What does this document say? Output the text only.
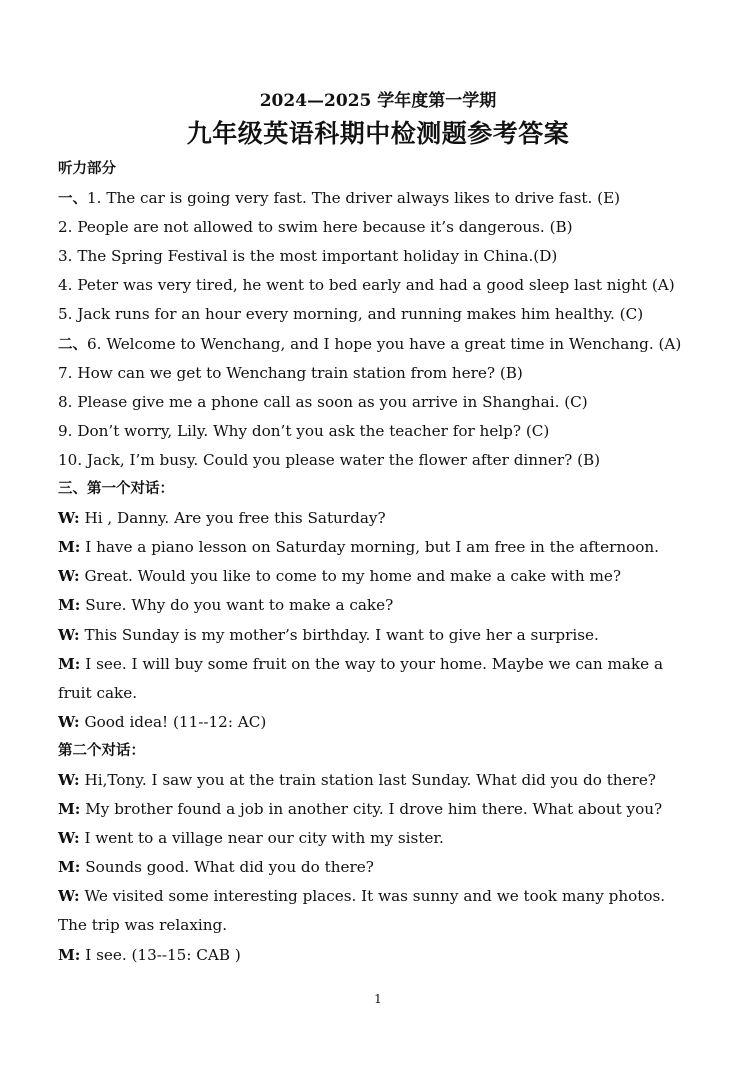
2024—2025 学年度第一学期
九年级英语科期中检测题参考答案
听力部分
一、1. The car is going very fast. The driver always likes to drive fast. (E)
2. People are not allowed to swim here because it’s dangerous. (B)
3. The Spring Festival is the most important holiday in China.(D)
4. Peter was very tired, he went to bed early and had a good sleep last night (A)
5. Jack runs for an hour every morning, and running makes him healthy. (C)
二、6. Welcome to Wenchang, and I hope you have a great time in Wenchang. (A)
7. How can we get to Wenchang train station from here? (B)
8. Please give me a phone call as soon as you arrive in Shanghai. (C)
9. Don’t worry, Lily. Why don’t you ask the teacher for help? (C)
10. Jack, I’m busy. Could you please water the flower after dinner? (B)
三、第一个对话：
W: Hi , Danny. Are you free this Saturday?
M: I have a piano lesson on Saturday morning, but I am free in the afternoon.
W: Great. Would you like to come to my home and make a cake with me?
M: Sure. Why do you want to make a cake?
W: This Sunday is my mother’s birthday. I want to give her a surprise.
M: I see. I will buy some fruit on the way to your home. Maybe we can make a
fruit cake.
W: Good idea! (11--12: AC)
第二个对话：
W: Hi,Tony. I saw you at the train station last Sunday. What did you do there?
M: My brother found a job in another city. I drove him there. What about you?
W: I went to a village near our city with my sister.
M: Sounds good. What did you do there?
W: We visited some interesting places. It was sunny and we took many photos.
The trip was relaxing.
M: I see. (13--15: CAB )
1
